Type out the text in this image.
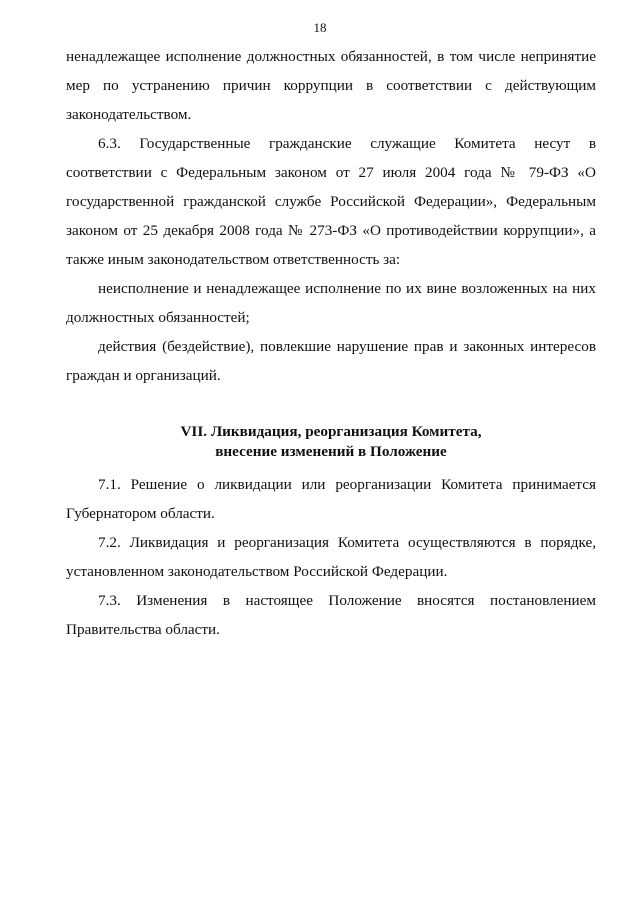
18

ненадлежащее исполнение должностных обязанностей, в том числе непринятие мер по устранению причин коррупции в соответствии с действующим законодательством.

6.3. Государственные гражданские служащие Комитета несут в соответствии с Федеральным законом от 27 июля 2004 года № 79-ФЗ «О государственной гражданской службе Российской Федерации», Федеральным законом от 25 декабря 2008 года № 273-ФЗ «О противодействии коррупции», а также иным законодательством ответственность за:

неисполнение и ненадлежащее исполнение по их вине возложенных на них должностных обязанностей;

действия (бездействие), повлекшие нарушение прав и законных интересов граждан и организаций.

VII. Ликвидация, реорганизация Комитета,
внесение изменений в Положение

7.1. Решение о ликвидации или реорганизации Комитета принимается Губернатором области.

7.2. Ликвидация и реорганизация Комитета осуществляются в порядке, установленном законодательством Российской Федерации.

7.3. Изменения в настоящее Положение вносятся постановлением Правительства области.
